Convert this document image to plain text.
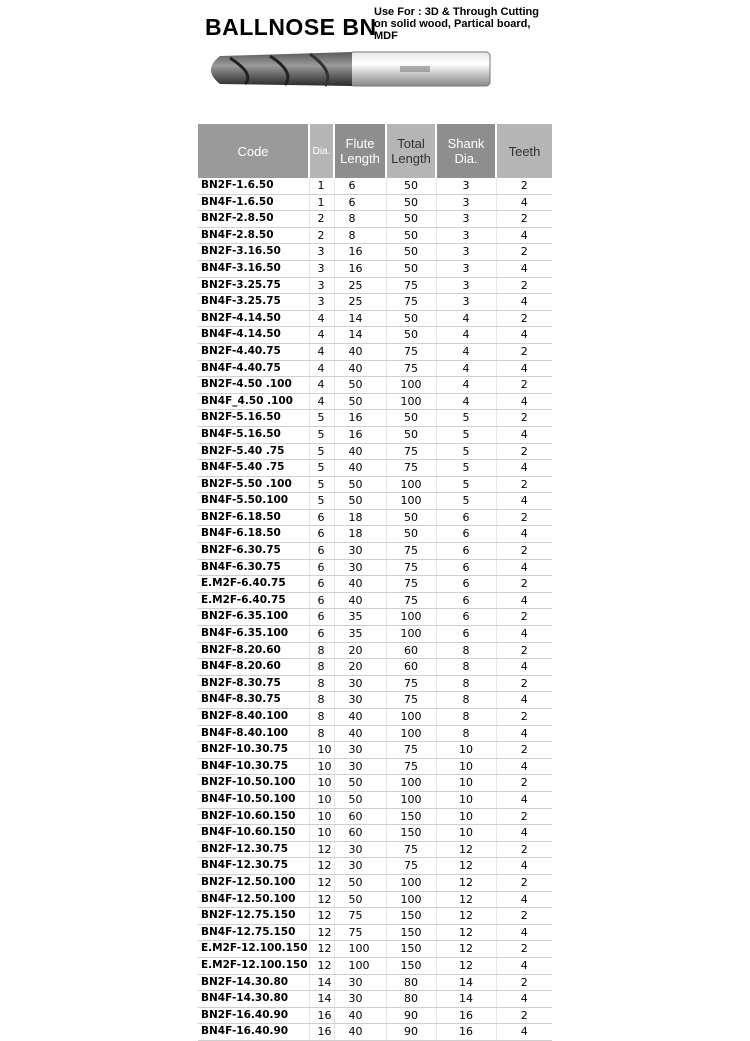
BALLNOSE BN
Use For : 3D & Through Cutting
on solid wood, Partical board,
MDF
Code	Dia.	Flute Length	Total Length	Shank Dia.	Teeth
BN2F-1.6.50	1	6	50	3	2
BN4F-1.6.50	1	6	50	3	4
BN2F-2.8.50	2	8	50	3	2
BN4F-2.8.50	2	8	50	3	4
BN2F-3.16.50	3	16	50	3	2
BN4F-3.16.50	3	16	50	3	4
BN2F-3.25.75	3	25	75	3	2
BN4F-3.25.75	3	25	75	3	4
BN2F-4.14.50	4	14	50	4	2
BN4F-4.14.50	4	14	50	4	4
BN2F-4.40.75	4	40	75	4	2
BN4F-4.40.75	4	40	75	4	4
BN2F-4.50 .100	4	50	100	4	2
BN4F_4.50 .100	4	50	100	4	4
BN2F-5.16.50	5	16	50	5	2
BN4F-5.16.50	5	16	50	5	4
BN2F-5.40 .75	5	40	75	5	2
BN4F-5.40 .75	5	40	75	5	4
BN2F-5.50 .100	5	50	100	5	2
BN4F-5.50.100	5	50	100	5	4
BN2F-6.18.50	6	18	50	6	2
BN4F-6.18.50	6	18	50	6	4
BN2F-6.30.75	6	30	75	6	2
BN4F-6.30.75	6	30	75	6	4
E.M2F-6.40.75	6	40	75	6	2
E.M2F-6.40.75	6	40	75	6	4
BN2F-6.35.100	6	35	100	6	2
BN4F-6.35.100	6	35	100	6	4
BN2F-8.20.60	8	20	60	8	2
BN4F-8.20.60	8	20	60	8	4
BN2F-8.30.75	8	30	75	8	2
BN4F-8.30.75	8	30	75	8	4
BN2F-8.40.100	8	40	100	8	2
BN4F-8.40.100	8	40	100	8	4
BN2F-10.30.75	10	30	75	10	2
BN4F-10.30.75	10	30	75	10	4
BN2F-10.50.100	10	50	100	10	2
BN4F-10.50.100	10	50	100	10	4
BN2F-10.60.150	10	60	150	10	2
BN4F-10.60.150	10	60	150	10	4
BN2F-12.30.75	12	30	75	12	2
BN4F-12.30.75	12	30	75	12	4
BN2F-12.50.100	12	50	100	12	2
BN4F-12.50.100	12	50	100	12	4
BN2F-12.75.150	12	75	150	12	2
BN4F-12.75.150	12	75	150	12	4
E.M2F-12.100.150	12	100	150	12	2
E.M2F-12.100.150	12	100	150	12	4
BN2F-14.30.80	14	30	80	14	2
BN4F-14.30.80	14	30	80	14	4
BN2F-16.40.90	16	40	90	16	2
BN4F-16.40.90	16	40	90	16	4
